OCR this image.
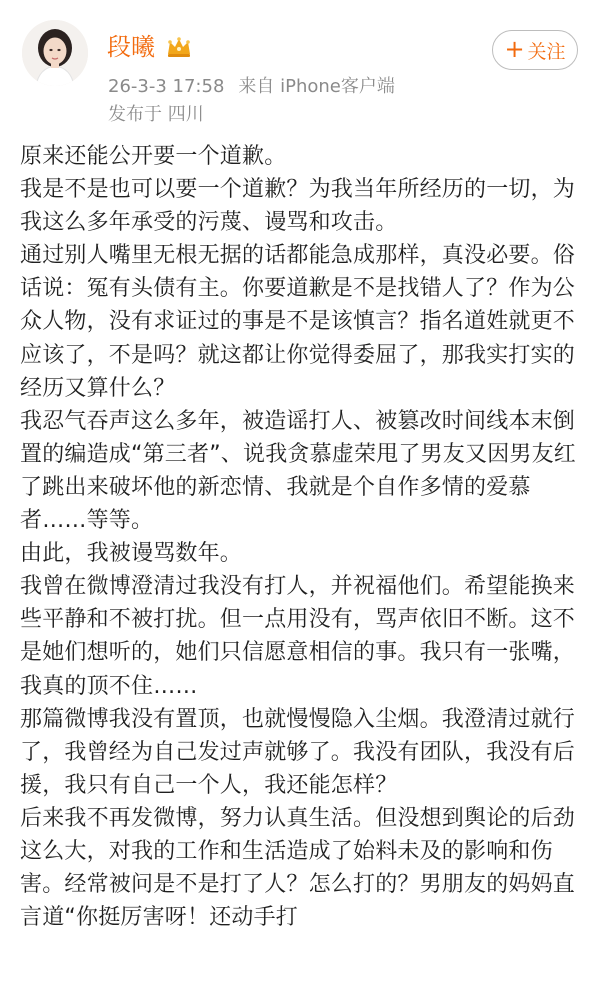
段曦
26-3-3 17:58 来自 iPhone客户端
发布于 四川
+ 关注

原来还能公开要一个道歉。

我是不是也可以要一个道歉？为我当年所经历的一切，为我这么多年承受的污蔑、谩骂和攻击。

通过别人嘴里无根无据的话都能急成那样，真没必要。俗话说：冤有头债有主。你要道歉是不是找错人了？作为公众人物，没有求证过的事是不是该慎言？指名道姓就更不应该了，不是吗？就这都让你觉得委屈了，那我实打实的经历又算什么？

我忍气吞声这么多年，被造谣打人、被篡改时间线本末倒置的编造成“第三者”、说我贪慕虚荣甩了男友又因男友红了跳出来破坏他的新恋情、我就是个自作多情的爱慕者……等等。

由此，我被谩骂数年。

我曾在微博澄清过我没有打人，并祝福他们。希望能换来些平静和不被打扰。但一点用没有，骂声依旧不断。这不是她们想听的，她们只信愿意相信的事。我只有一张嘴，我真的顶不住……

那篇微博我没有置顶，也就慢慢隐入尘烟。我澄清过就行了，我曾经为自己发过声就够了。我没有团队，我没有后援，我只有自己一个人，我还能怎样？

后来我不再发微博，努力认真生活。但没想到舆论的后劲这么大，对我的工作和生活造成了始料未及的影响和伤害。经常被问是不是打了人？怎么打的？男朋友的妈妈直言道“你挺厉害呀！还动手打
